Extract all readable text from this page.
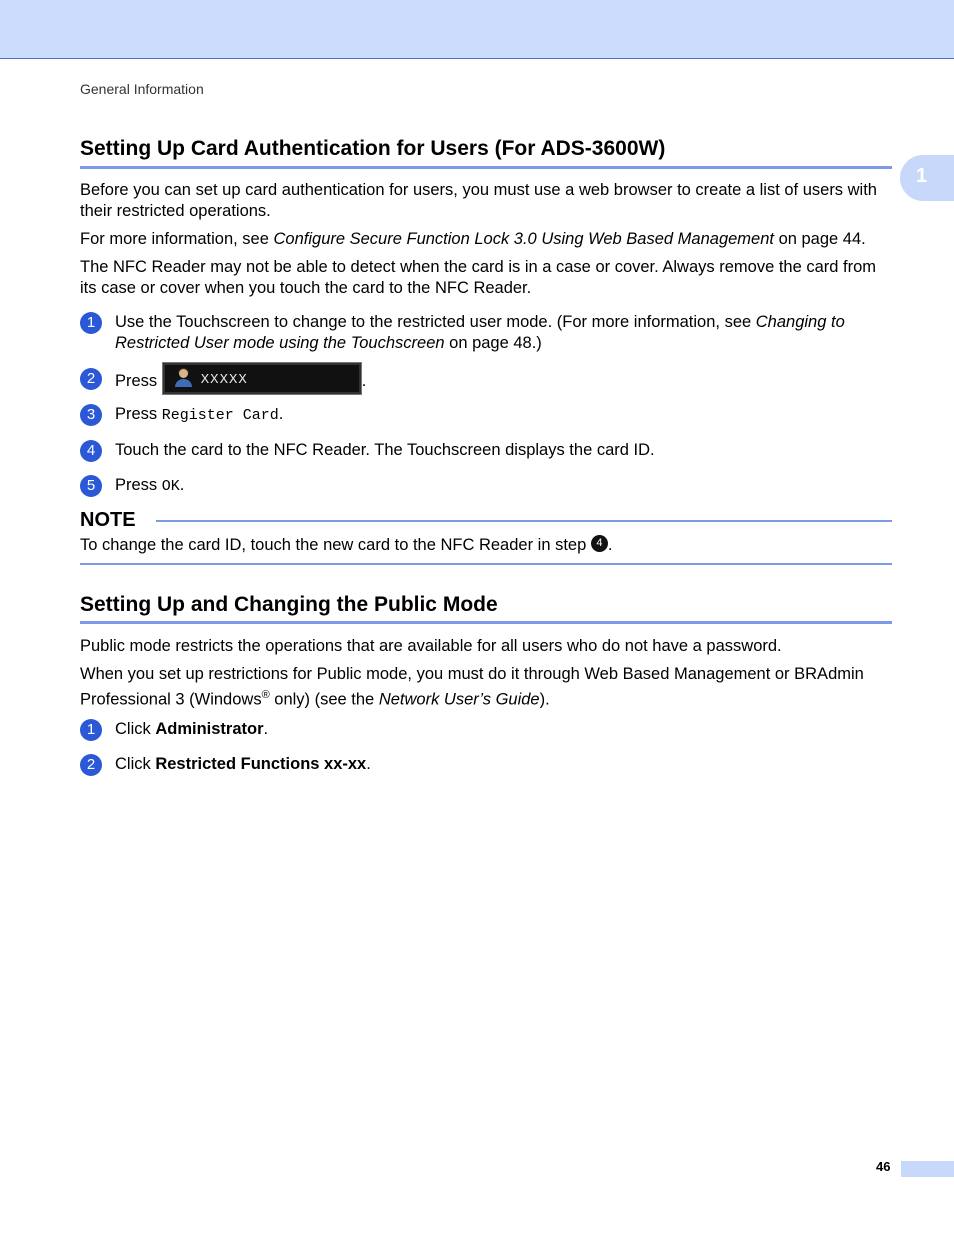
General Information
1
Setting Up Card Authentication for Users (For ADS-3600W)

Before you can set up card authentication for users, you must use a web browser to create a list of users with their restricted operations.

For more information, see Configure Secure Function Lock 3.0 Using Web Based Management on page 44.

The NFC Reader may not be able to detect when the card is in a case or cover. Always remove the card from its case or cover when you touch the card to the NFC Reader.

1	Use the Touchscreen to change to the restricted user mode. (For more information, see Changing to Restricted User mode using the Touchscreen on page 48.)
2	Press	XXXXX	.
3	Press Register Card.
4	Touch the card to the NFC Reader. The Touchscreen displays the card ID.
5	Press OK.
NOTE

To change the card ID, touch the new card to the NFC Reader in step 4 .

Setting Up and Changing the Public Mode

Public mode restricts the operations that are available for all users who do not have a password.

When you set up restrictions for Public mode, you must do it through Web Based Management or BRAdmin Professional 3 (Windows® only) (see the Network User’s Guide).

1	Click Administrator.
2	Click Restricted Functions xx-xx.
46
